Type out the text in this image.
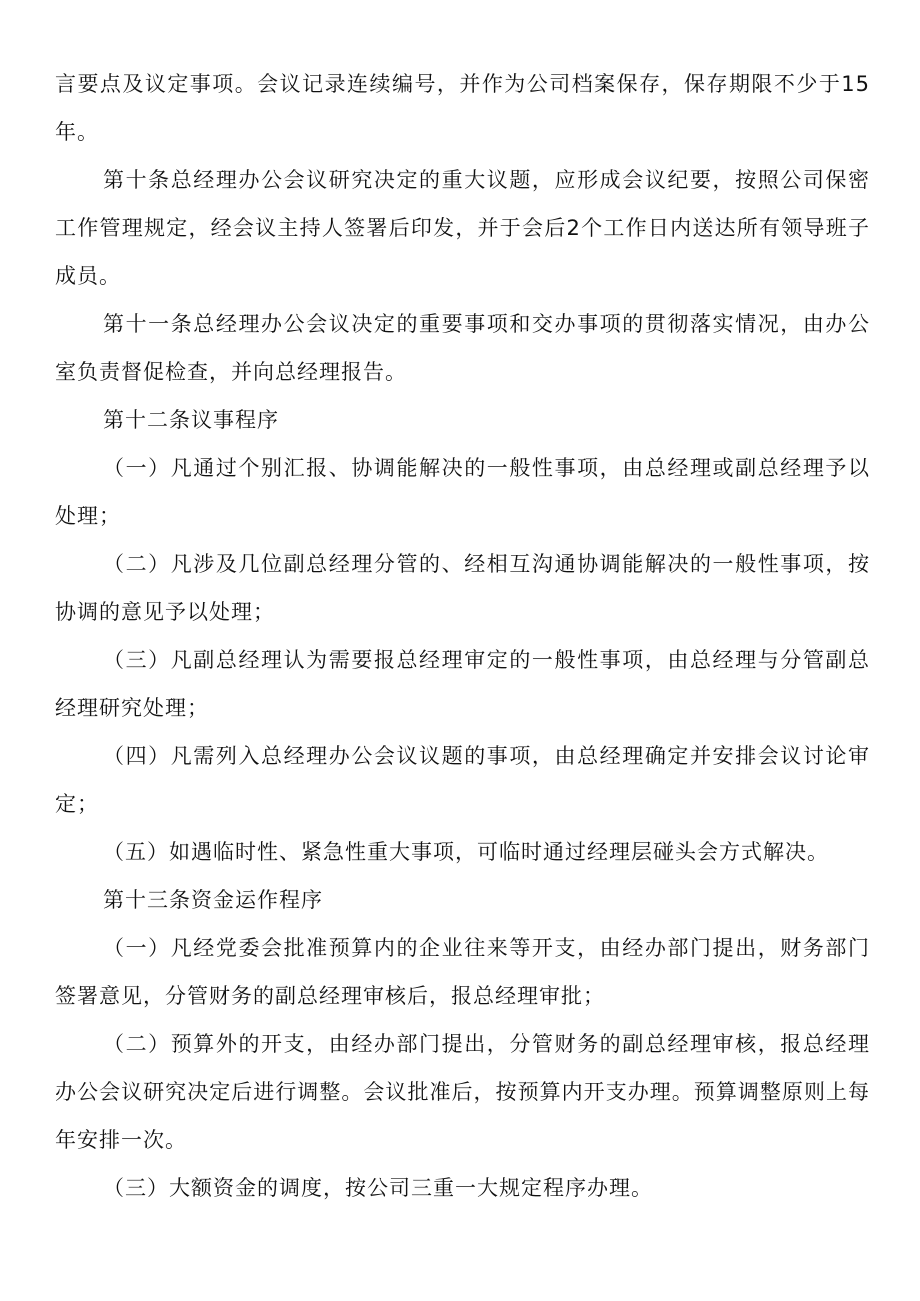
言要点及议定事项。会议记录连续编号，并作为公司档案保存，保存期限不少于15年。

第十条总经理办公会议研究决定的重大议题，应形成会议纪要，按照公司保密工作管理规定，经会议主持人签署后印发，并于会后2个工作日内送达所有领导班子成员。

第十一条总经理办公会议决定的重要事项和交办事项的贯彻落实情况，由办公室负责督促检查，并向总经理报告。

第十二条议事程序

（一）凡通过个别汇报、协调能解决的一般性事项，由总经理或副总经理予以处理；

（二）凡涉及几位副总经理分管的、经相互沟通协调能解决的一般性事项，按协调的意见予以处理；

（三）凡副总经理认为需要报总经理审定的一般性事项，由总经理与分管副总经理研究处理；

（四）凡需列入总经理办公会议议题的事项，由总经理确定并安排会议讨论审定；

（五）如遇临时性、紧急性重大事项，可临时通过经理层碰头会方式解决。

第十三条资金运作程序

（一）凡经党委会批准预算内的企业往来等开支，由经办部门提出，财务部门签署意见，分管财务的副总经理审核后，报总经理审批；

（二）预算外的开支，由经办部门提出，分管财务的副总经理审核，报总经理办公会议研究决定后进行调整。会议批准后，按预算内开支办理。预算调整原则上每年安排一次。

（三）大额资金的调度，按公司三重一大规定程序办理。
